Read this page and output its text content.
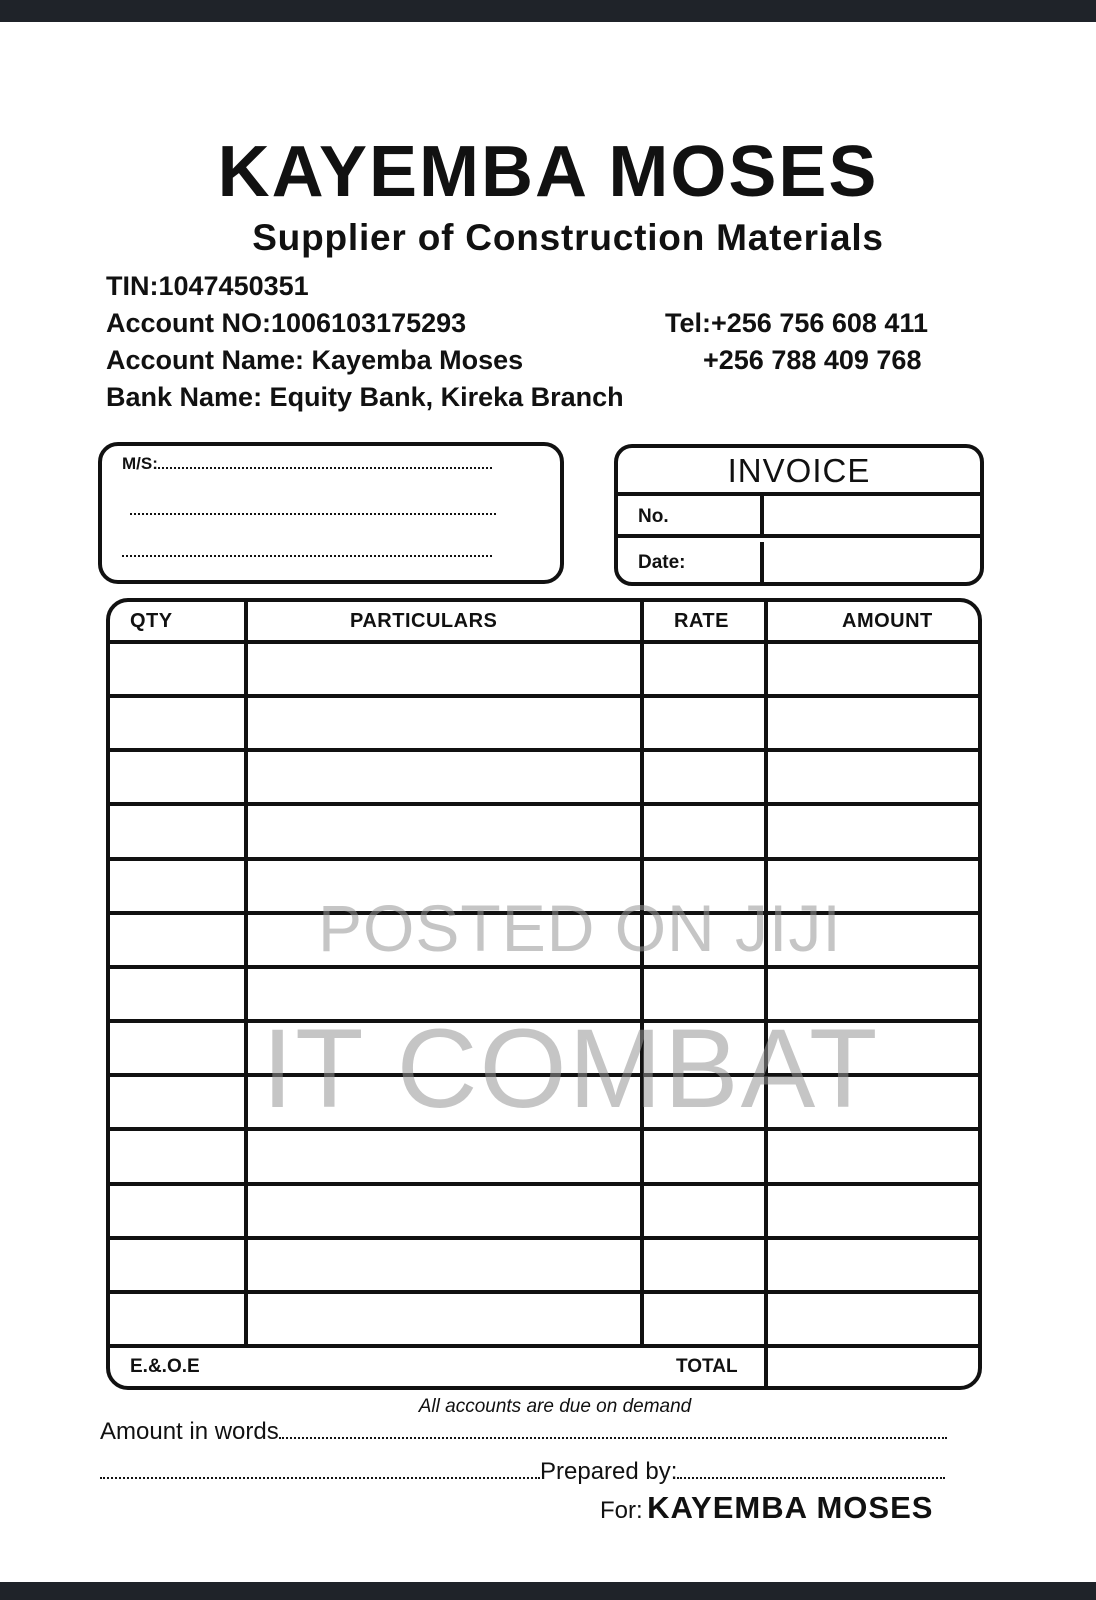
KAYEMBA MOSES
Supplier of Construction Materials
TIN:1047450351
Account NO:1006103175293
Account Name: Kayemba Moses
Bank Name: Equity Bank, Kireka Branch
Tel:+256 756 608 411
+256 788 409 768
M/S:	INVOICE
No.
Date:
QTY	PARTICULARS	RATE	AMOUNT
E.&.O.E	TOTAL
POSTED ON JIJI
IT COMBAT
All accounts are due on demand
Amount in words
Prepared by:
For: KAYEMBA MOSES
